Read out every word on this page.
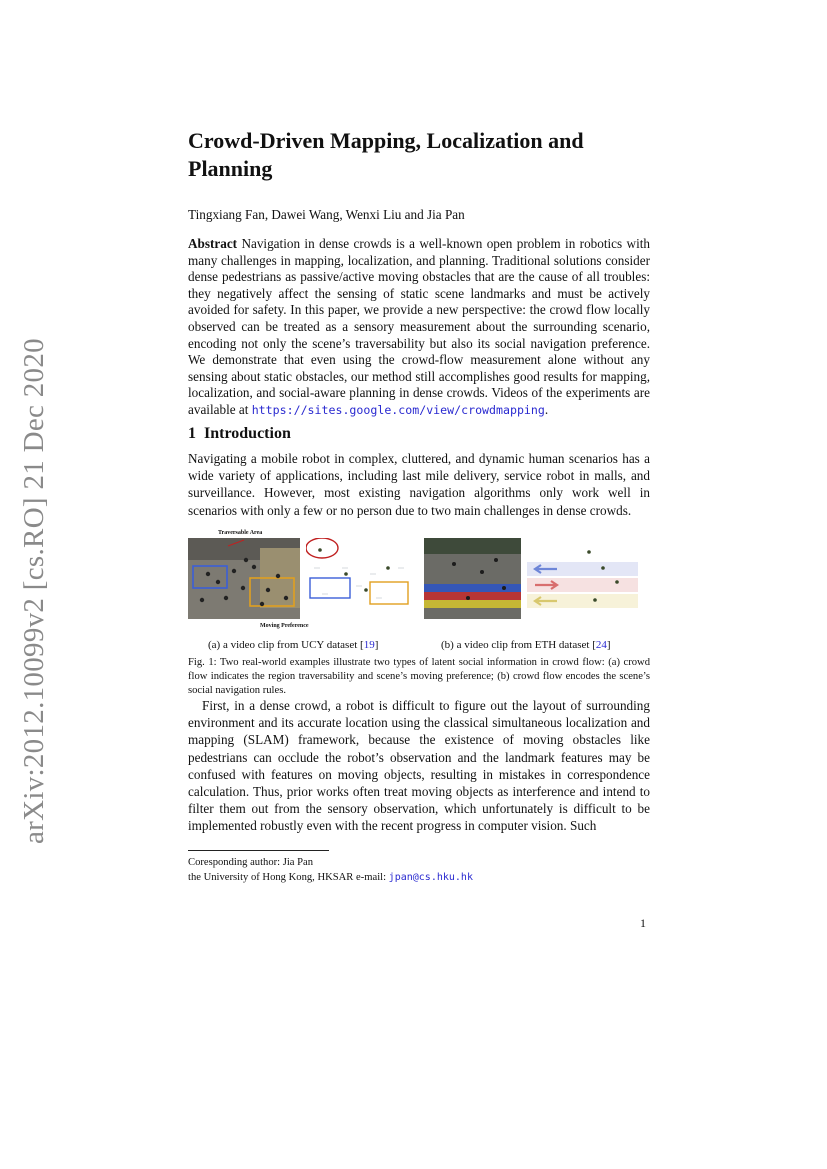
arXiv:2012.10099v2 [cs.RO] 21 Dec 2020
Crowd-Driven Mapping, Localization and
Planning
Tingxiang Fan, Dawei Wang, Wenxi Liu and Jia Pan

Abstract Navigation in dense crowds is a well-known open problem in robotics with many challenges in mapping, localization, and planning. Traditional solutions consider dense pedestrians as passive/active moving obstacles that are the cause of all troubles: they negatively affect the sensing of static scene landmarks and must be actively avoided for safety. In this paper, we provide a new perspective: the crowd flow locally observed can be treated as a sensory measurement about the surrounding scenario, encoding not only the scene’s traversability but also its social navigation preference. We demonstrate that even using the crowd-flow measurement alone without any sensing about static obstacles, our method still accomplishes good results for mapping, localization, and social-aware planning in dense crowds. Videos of the experiments are available at https://sites.google.com/view/crowdmapping.

1 Introduction

Navigating a mobile robot in complex, cluttered, and dynamic human scenarios has a wide variety of applications, including last mile delivery, service robot in malls, and surveillance. However, most existing navigation algorithms only work well in scenarios with only a few or no person due to two main challenges in dense crowds.

Traversable Area
Moving Preference
(a) a video clip from UCY dataset [19]	(b) a video clip from ETH dataset [24]

Fig. 1: Two real-world examples illustrate two types of latent social information in crowd flow: (a) crowd flow indicates the region traversability and scene’s moving preference; (b) crowd flow encodes the scene’s social navigation rules.

First, in a dense crowd, a robot is difficult to figure out the layout of surrounding environment and its accurate location using the classical simultaneous localization and mapping (SLAM) framework, because the existence of moving obstacles like pedestrians can occlude the robot’s observation and the landmark features may be confused with features on moving objects, resulting in mistakes in correspondence calculation. Thus, prior works often treat moving objects as interference and intend to filter them out from the sensory observation, which unfortunately is difficult to be implemented robustly even with the recent progress in computer vision. Such

Coresponding author: Jia Pan
the University of Hong Kong, HKSAR e-mail: jpan@cs.hku.hk
1
